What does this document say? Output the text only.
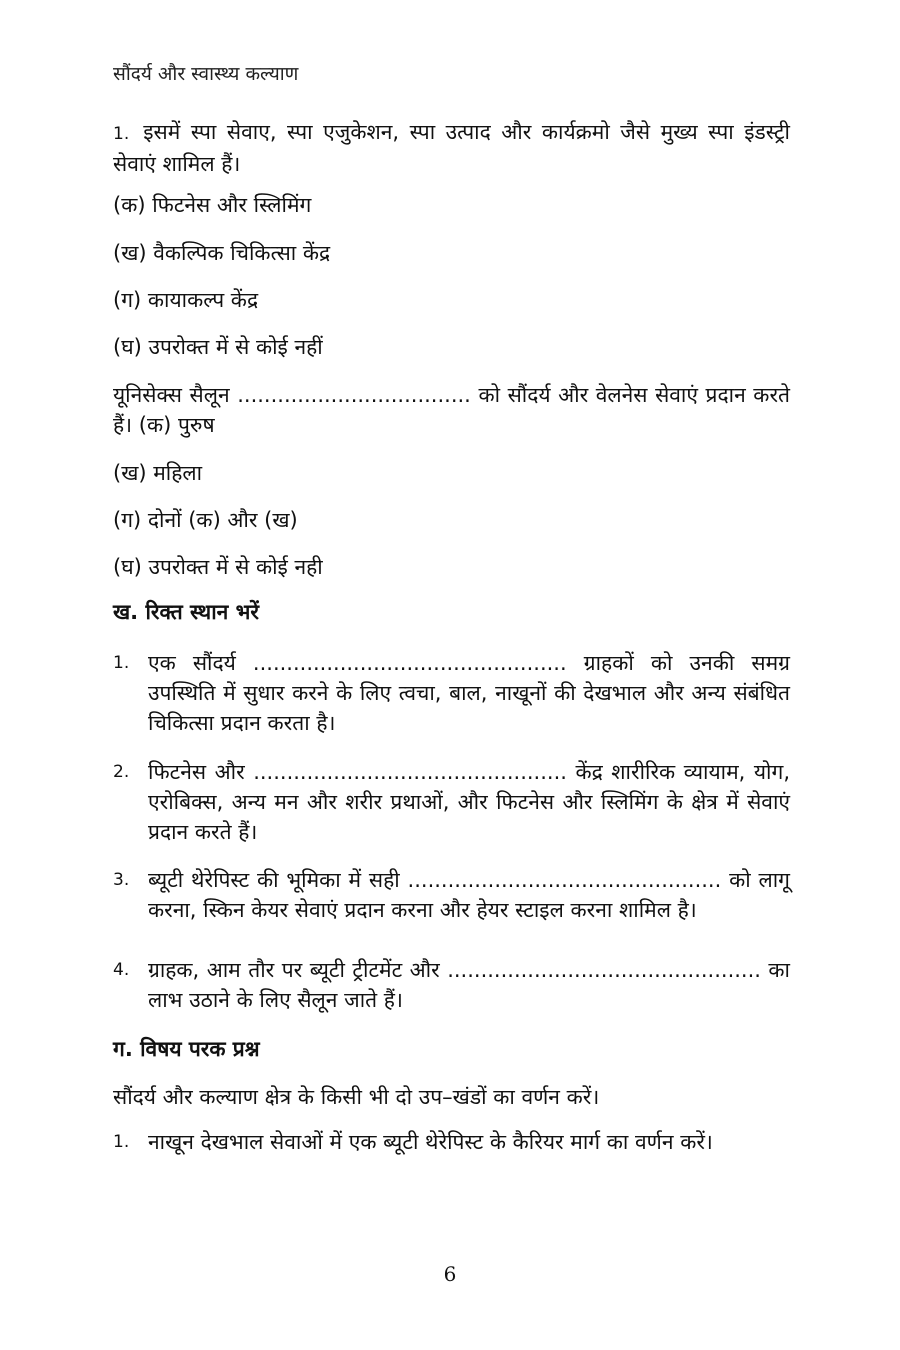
सौंदर्य और स्वास्थ्य कल्याण
1. इसमें स्पा सेवाए, स्पा एजुकेशन, स्पा उत्पाद और कार्यक्रमो जैसे मुख्य स्पा इंडस्ट्री सेवाएं शामिल हैं।
(क) फिटनेस और स्लिमिंग
(ख) वैकल्पिक चिकित्सा केंद्र
(ग) कायाकल्प केंद्र
(घ) उपरोक्त में से कोई नहीं
यूनिसेक्स सैलून ................................... को सौंदर्य और वेलनेस सेवाएं प्रदान करते हैं। (क) पुरुष
(ख) महिला
(ग) दोनों (क) और (ख)
(घ) उपरोक्त में से कोई नही
ख. रिक्त स्थान भरें
1. एक सौंदर्य ............................................... ग्राहकों को उनकी समग्र उपस्थिति में सुधार करने के लिए त्वचा, बाल, नाखूनों की देखभाल और अन्य संबंधित चिकित्सा प्रदान करता है।
2. फिटनेस और ............................................... केंद्र शारीरिक व्यायाम, योग, एरोबिक्स, अन्य मन और शरीर प्रथाओं, और फिटनेस और स्लिमिंग के क्षेत्र में सेवाएं प्रदान करते हैं।
3. ब्यूटी थेरेपिस्ट की भूमिका में सही ............................................... को लागू करना, स्किन केयर सेवाएं प्रदान करना और हेयर स्टाइल करना शामिल है।
4. ग्राहक, आम तौर पर ब्यूटी ट्रीटमेंट और ............................................... का लाभ उठाने के लिए सैलून जाते हैं।
ग. विषय परक प्रश्न
सौंदर्य और कल्याण क्षेत्र के किसी भी दो उप–खंडों का वर्णन करें।
1. नाखून देखभाल सेवाओं में एक ब्यूटी थेरेपिस्ट के कैरियर मार्ग का वर्णन करें।
6
